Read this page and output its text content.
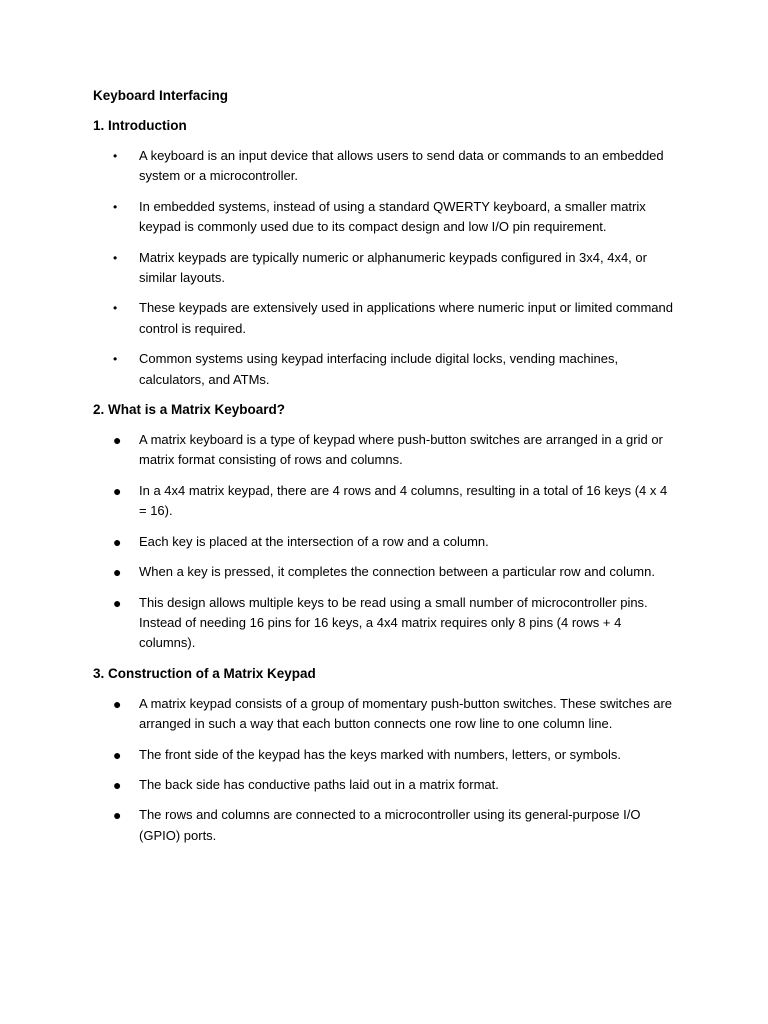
Keyboard Interfacing
1. Introduction
• A keyboard is an input device that allows users to send data or commands to an embedded system or a microcontroller.
• In embedded systems, instead of using a standard QWERTY keyboard, a smaller matrix keypad is commonly used due to its compact design and low I/O pin requirement.
• Matrix keypads are typically numeric or alphanumeric keypads configured in 3x4, 4x4, or similar layouts.
• These keypads are extensively used in applications where numeric input or limited command control is required.
• Common systems using keypad interfacing include digital locks, vending machines, calculators, and ATMs.
2. What is a Matrix Keyboard?
● A matrix keyboard is a type of keypad where push-button switches are arranged in a grid or matrix format consisting of rows and columns.
● In a 4x4 matrix keypad, there are 4 rows and 4 columns, resulting in a total of 16 keys (4 x 4 = 16).
● Each key is placed at the intersection of a row and a column.
● When a key is pressed, it completes the connection between a particular row and column.
● This design allows multiple keys to be read using a small number of microcontroller pins. Instead of needing 16 pins for 16 keys, a 4x4 matrix requires only 8 pins (4 rows + 4 columns).
3. Construction of a Matrix Keypad
● A matrix keypad consists of a group of momentary push-button switches. These switches are arranged in such a way that each button connects one row line to one column line.
● The front side of the keypad has the keys marked with numbers, letters, or symbols.
● The back side has conductive paths laid out in a matrix format.
● The rows and columns are connected to a microcontroller using its general-purpose I/O (GPIO) ports.
